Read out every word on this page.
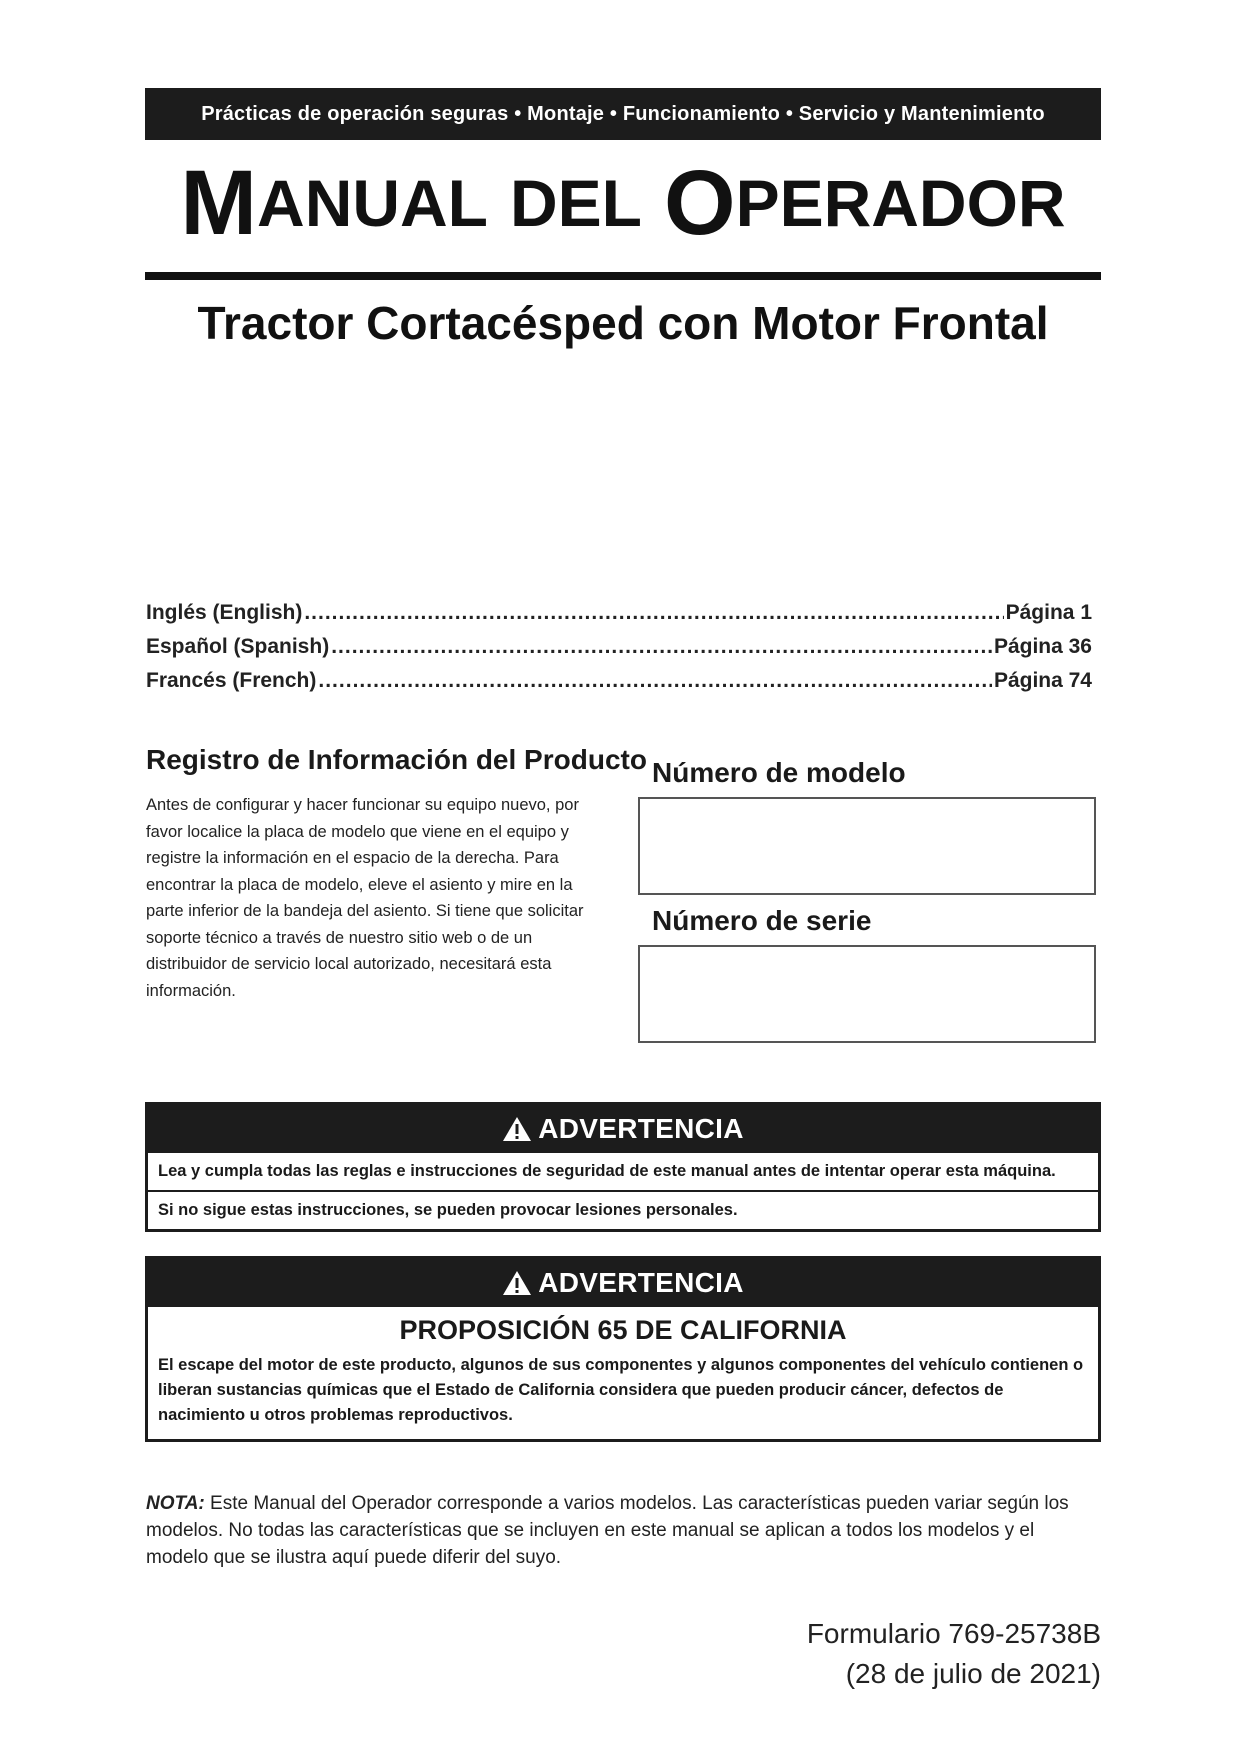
Prácticas de operación seguras • Montaje • Funcionamiento • Servicio y Mantenimiento
M ANUAL DEL O PERADOR
Tractor Cortacésped con Motor Frontal
Inglés (English) .....	Página 1
Español (Spanish) .....	Página 36
Francés (French) .....	Página 74
Registro de Información del Producto
Antes de configurar y hacer funcionar su equipo nuevo, por favor localice la placa de modelo que viene en el equipo y registre la información en el espacio de la derecha. Para encontrar la placa de modelo, eleve el asiento y mire en la parte inferior de la bandeja del asiento. Si tiene que solicitar soporte técnico a través de nuestro sitio web o de un distribuidor de servicio local autorizado, necesitará esta información.
Número de modelo
Número de serie
ADVERTENCIA
Lea y cumpla todas las reglas e instrucciones de seguridad de este manual antes de intentar operar esta máquina.
Si no sigue estas instrucciones, se pueden provocar lesiones personales.
ADVERTENCIA
PROPOSICIÓN 65 DE CALIFORNIA
El escape del motor de este producto, algunos de sus componentes y algunos componentes del vehículo contienen o liberan sustancias químicas que el Estado de California considera que pueden producir cáncer, defectos de nacimiento u otros problemas reproductivos.
NOTA: Este Manual del Operador corresponde a varios modelos. Las características pueden variar según los modelos. No todas las características que se incluyen en este manual se aplican a todos los modelos y el modelo que se ilustra aquí puede diferir del suyo.
Formulario 769-25738B
(28 de julio de 2021)
